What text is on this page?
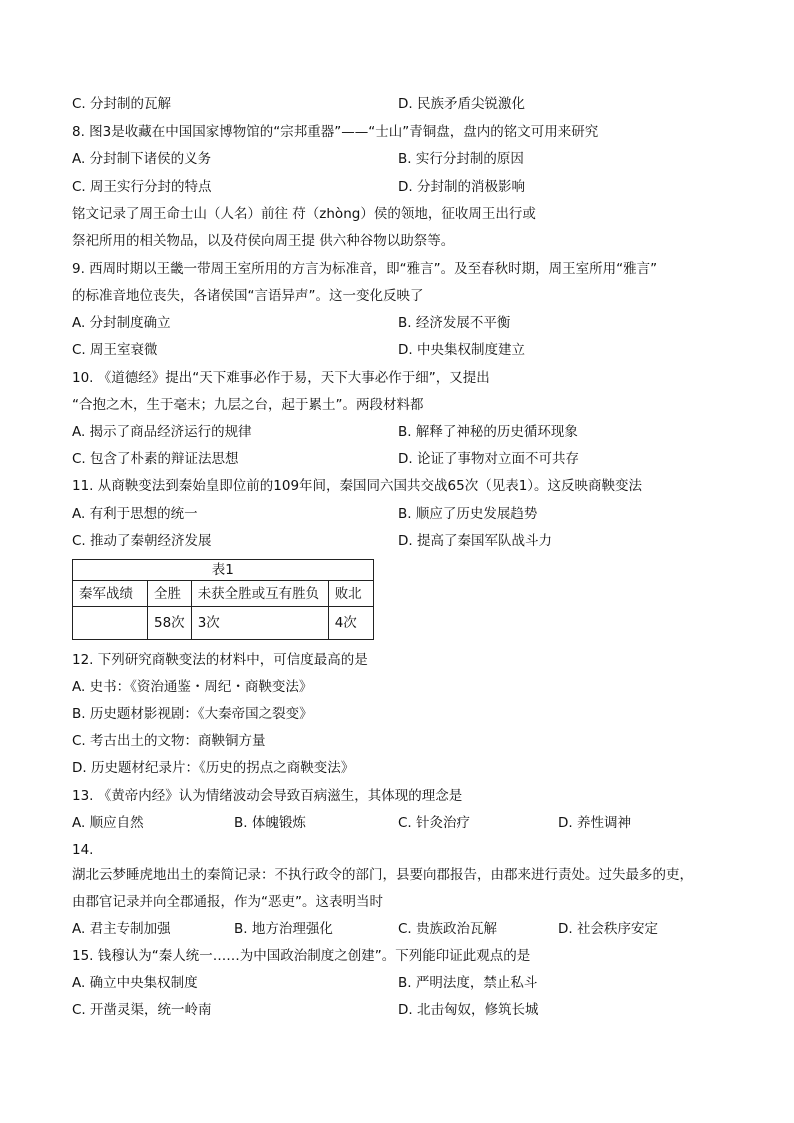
C. 分封制的瓦解	D. 民族矛盾尖锐激化
8. 图3是收藏在中国国家博物馆的“宗邦重器”——“士山”青铜盘，盘内的铭文可用来研究
A. 分封制下诸侯的义务	B. 实行分封制的原因
C. 周王实行分封的特点	D. 分封制的消极影响
铭文记录了周王命士山（人名）前往 苻（zhòng）侯的领地，征收周王出行或
祭祀所用的相关物品，以及苻侯向周王提 供六种谷物以助祭等。
9. 西周时期以王畿一带周王室所用的方言为标准音，即“雅言”。及至春秋时期，周王室所用“雅言”
的标准音地位丧失，各诸侯国“言语异声”。这一变化反映了
A. 分封制度确立	B. 经济发展不平衡
C. 周王室衰微	D. 中央集权制度建立
10. 《道德经》提出“天下难事必作于易，天下大事必作于细”，又提出
“合抱之木，生于毫末；九层之台，起于累土”。两段材料都
A. 揭示了商品经济运行的规律	B. 解释了神秘的历史循环现象
C. 包含了朴素的辩证法思想	D. 论证了事物对立面不可共存
11. 从商鞅变法到秦始皇即位前的109年间，秦国同六国共交战65次（见表1）。这反映商鞅变法
A. 有利于思想的统一	B. 顺应了历史发展趋势
C. 推动了秦朝经济发展	D. 提高了秦国军队战斗力
表1			
秦军战绩	全胜	未获全胜或互有胜负	败北
	58次	3次	4次
12. 下列研究商鞅变法的材料中，可信度最高的是
A. 史书：《资治通鉴・周纪・商鞅变法》
B. 历史题材影视剧：《大秦帝国之裂变》
C. 考古出土的文物：商鞅铜方量
D. 历史题材纪录片：《历史的拐点之商鞅变法》
13. 《黄帝内经》认为情绪波动会导致百病滋生，其体现的理念是
A. 顺应自然	B. 体魄锻炼	C. 针灸治疗	D. 养性调神
14.
湖北云梦睡虎地出土的秦简记录：不执行政令的部门，县要向郡报告，由郡来进行责处。过失最多的吏，
由郡官记录并向全郡通报，作为“恶吏”。这表明当时
A. 君主专制加强	B. 地方治理强化	C. 贵族政治瓦解	D. 社会秩序安定
15. 钱穆认为“秦人统一……为中国政治制度之创建”。下列能印证此观点的是
A. 确立中央集权制度	B. 严明法度，禁止私斗
C. 开凿灵渠，统一岭南	D. 北击匈奴，修筑长城
